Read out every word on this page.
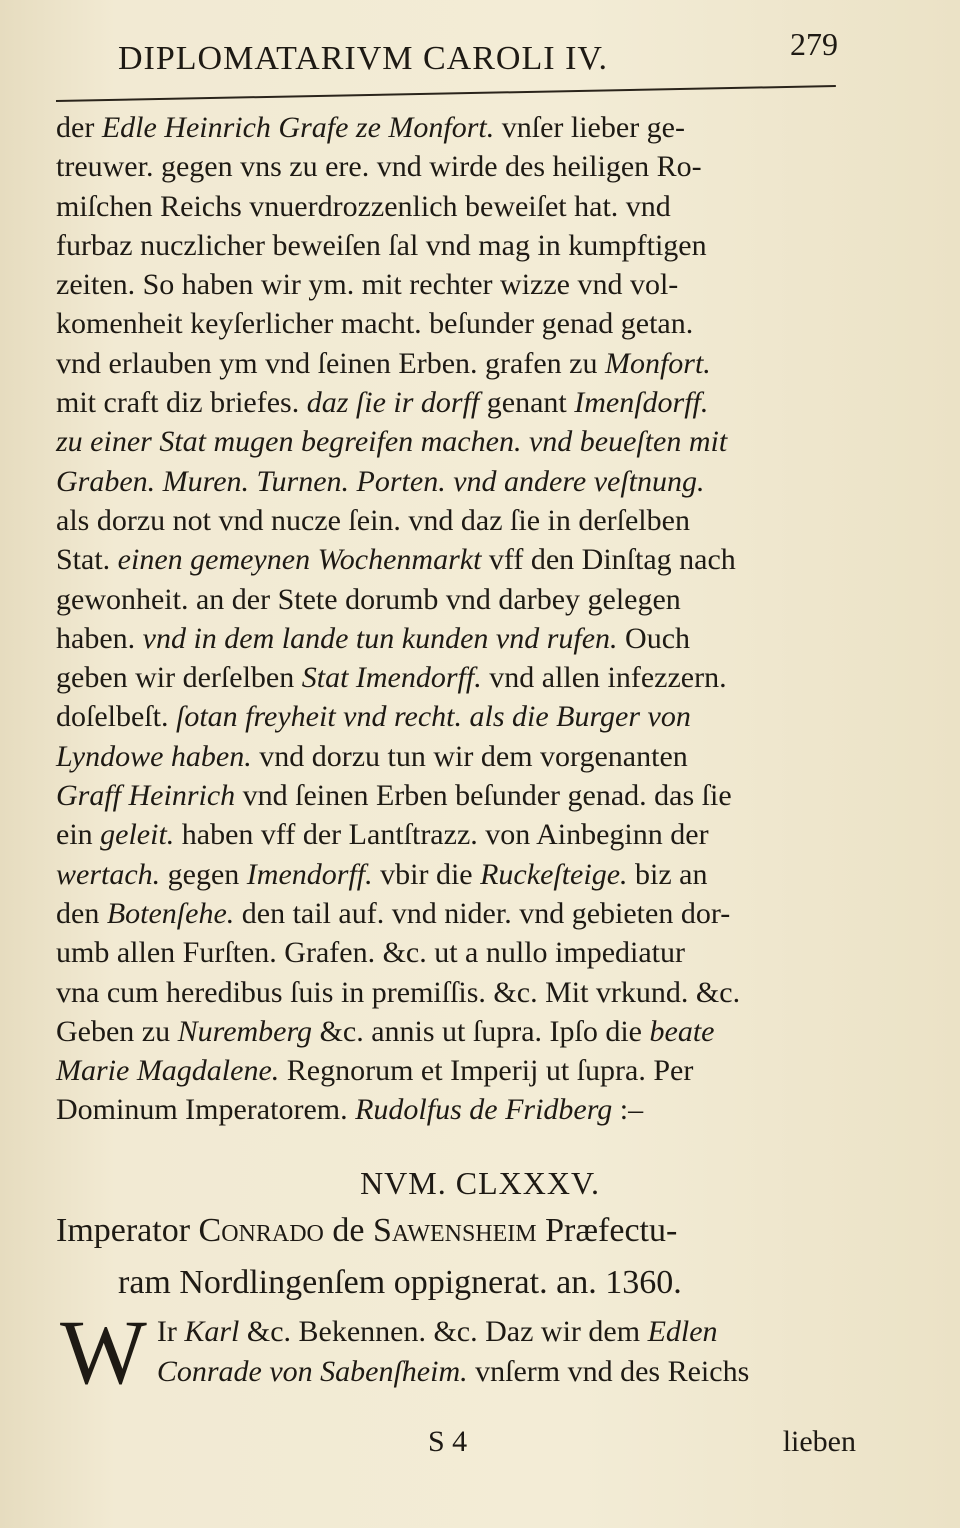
DIPLOMATARIVM CAROLI IV.	279
der Edle Heinrich Grafe ze Monfort. vnſer lieber ge-
treuwer. gegen vns zu ere. vnd wirde des heiligen Ro-
miſchen Reichs vnuerdrozzenlich beweiſet hat. vnd
furbaz nuczlicher beweiſen ſal vnd mag in kumpftigen
zeiten. So haben wir ym. mit rechter wizze vnd vol-
komenheit keyſerlicher macht. beſunder genad getan.
vnd erlauben ym vnd ſeinen Erben. grafen zu Monfort.
mit craft diz briefes. daz ſie ir dorff genant Imenſdorff.
zu einer Stat mugen begreifen machen. vnd beueſten mit
Graben. Muren. Turnen. Porten. vnd andere veſtnung.
als dorzu not vnd nucze ſein. vnd daz ſie in derſelben
Stat. einen gemeynen Wochenmarkt vff den Dinſtag nach
gewonheit. an der Stete dorumb vnd darbey gelegen
haben. vnd in dem lande tun kunden vnd rufen. Ouch
geben wir derſelben Stat Imendorff. vnd allen infezzern.
doſelbeſt. ſotan freyheit vnd recht. als die Burger von
Lyndowe haben. vnd dorzu tun wir dem vorgenanten
Graff Heinrich vnd ſeinen Erben beſunder genad. das ſie
ein geleit. haben vff der Lantſtrazz. von Ainbeginn der
wertach. gegen Imendorff. vbir die Ruckeſteige. biz an
den Botenſehe. den tail auf. vnd nider. vnd gebieten dor-
umb allen Furſten. Grafen. &c. ut a nullo impediatur
vna cum heredibus ſuis in premiſſis. &c. Mit vrkund. &c.
Geben zu Nuremberg &c. annis ut ſupra. Ipſo die beate
Marie Magdalene. Regnorum et Imperij ut ſupra. Per
Dominum Imperatorem. Rudolfus de Fridberg :–
NVM. CLXXXV.
Imperator Conrado de Sawensheim Præfectu-
ram Nordlingenſem oppignerat. an. 1360.
W Ir Karl &c. Bekennen. &c. Daz wir dem Edlen
Conrade von Sabenſheim. vnſerm vnd des Reichs
S 4	lieben
